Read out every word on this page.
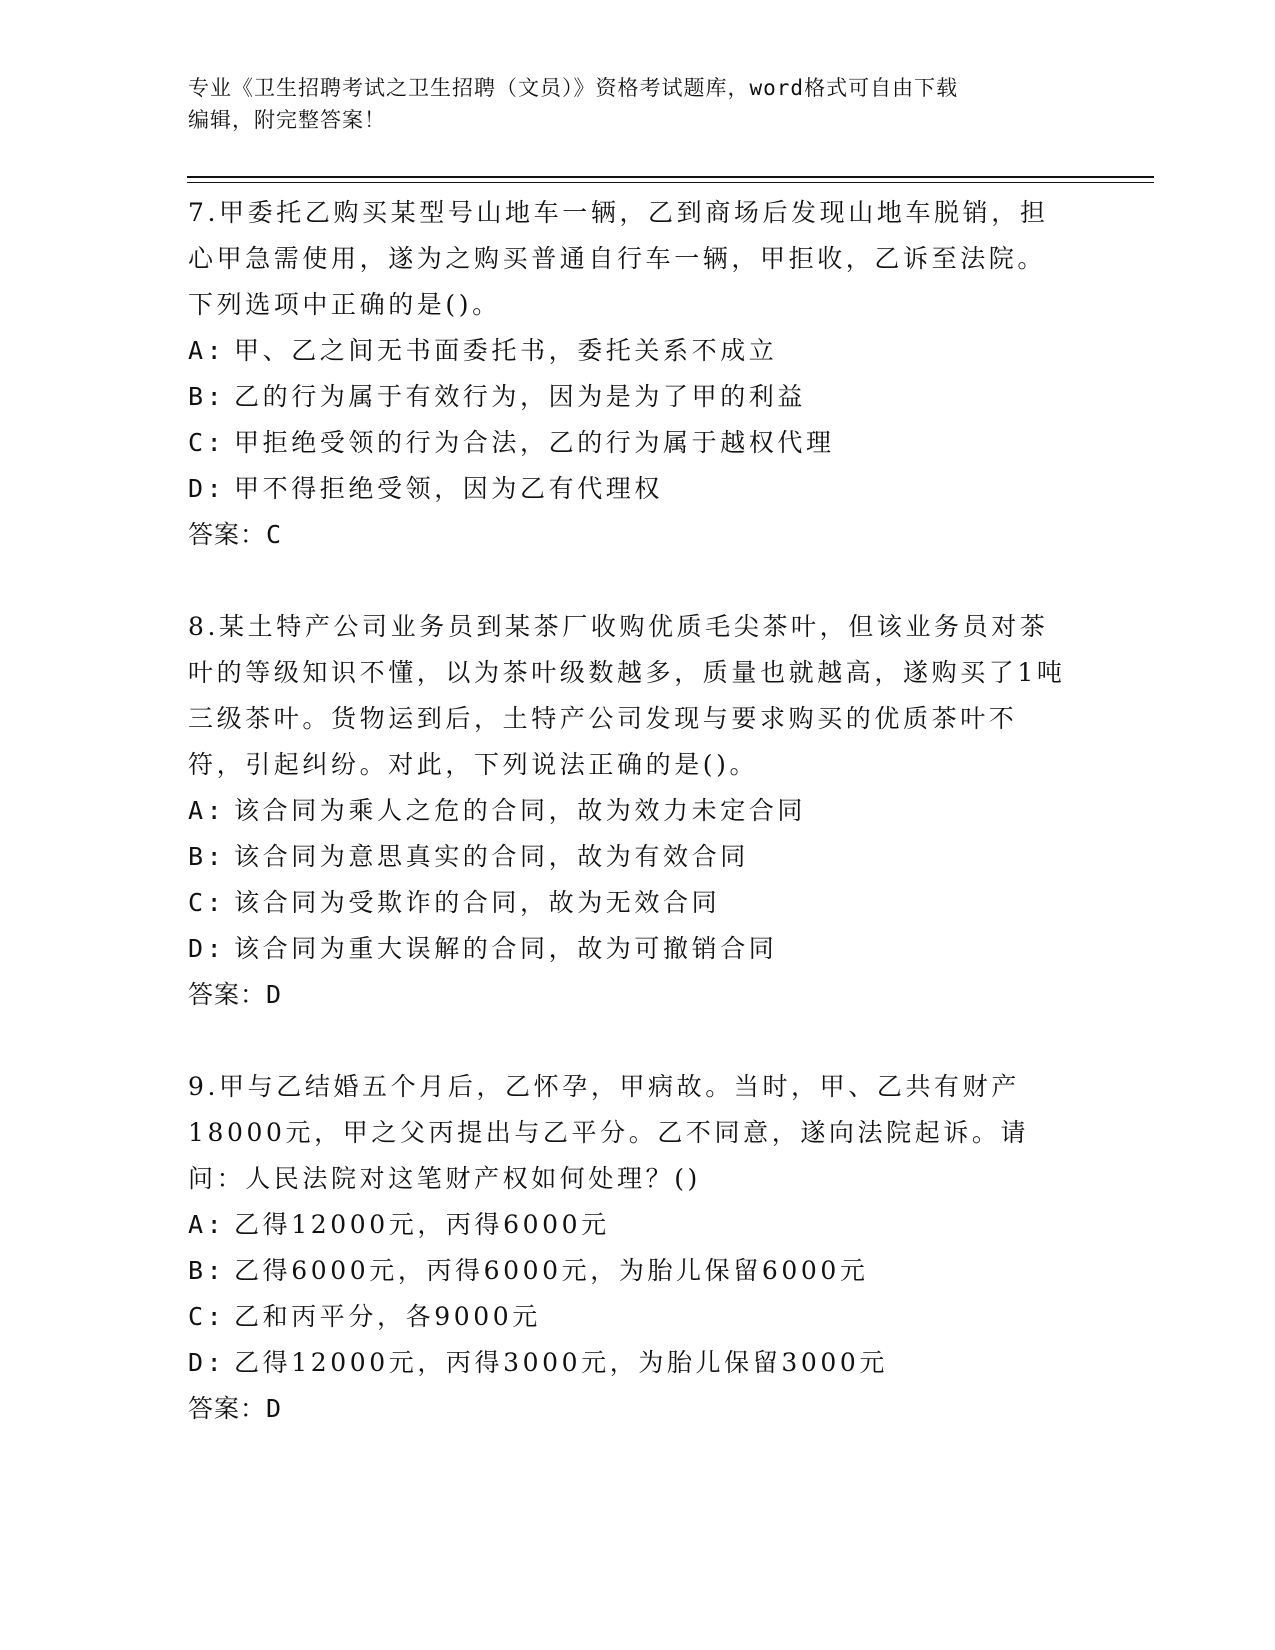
专业《卫生招聘考试之卫生招聘（文员）》资格考试题库，word格式可自由下载
编辑，附完整答案！

7.甲委托乙购买某型号山地车一辆，乙到商场后发现山地车脱销，担心甲急需使用，遂为之购买普通自行车一辆，甲拒收，乙诉至法院。下列选项中正确的是()。

A: 甲、乙之间无书面委托书，委托关系不成立
B: 乙的行为属于有效行为，因为是为了甲的利益
C: 甲拒绝受领的行为合法，乙的行为属于越权代理
D: 甲不得拒绝受领，因为乙有代理权
答案：C

8.某土特产公司业务员到某茶厂收购优质毛尖茶叶，但该业务员对茶叶的等级知识不懂，以为茶叶级数越多，质量也就越高，遂购买了1吨三级茶叶。货物运到后，土特产公司发现与要求购买的优质茶叶不符，引起纠纷。对此，下列说法正确的是()。

A: 该合同为乘人之危的合同，故为效力未定合同
B: 该合同为意思真实的合同，故为有效合同
C: 该合同为受欺诈的合同，故为无效合同
D: 该合同为重大误解的合同，故为可撤销合同
答案：D

9.甲与乙结婚五个月后，乙怀孕，甲病故。当时，甲、乙共有财产18000元，甲之父丙提出与乙平分。乙不同意，遂向法院起诉。请问：人民法院对这笔财产权如何处理？()

A: 乙得12000元，丙得6000元
B: 乙得6000元，丙得6000元，为胎儿保留6000元
C: 乙和丙平分，各9000元
D: 乙得12000元，丙得3000元，为胎儿保留3000元
答案：D
